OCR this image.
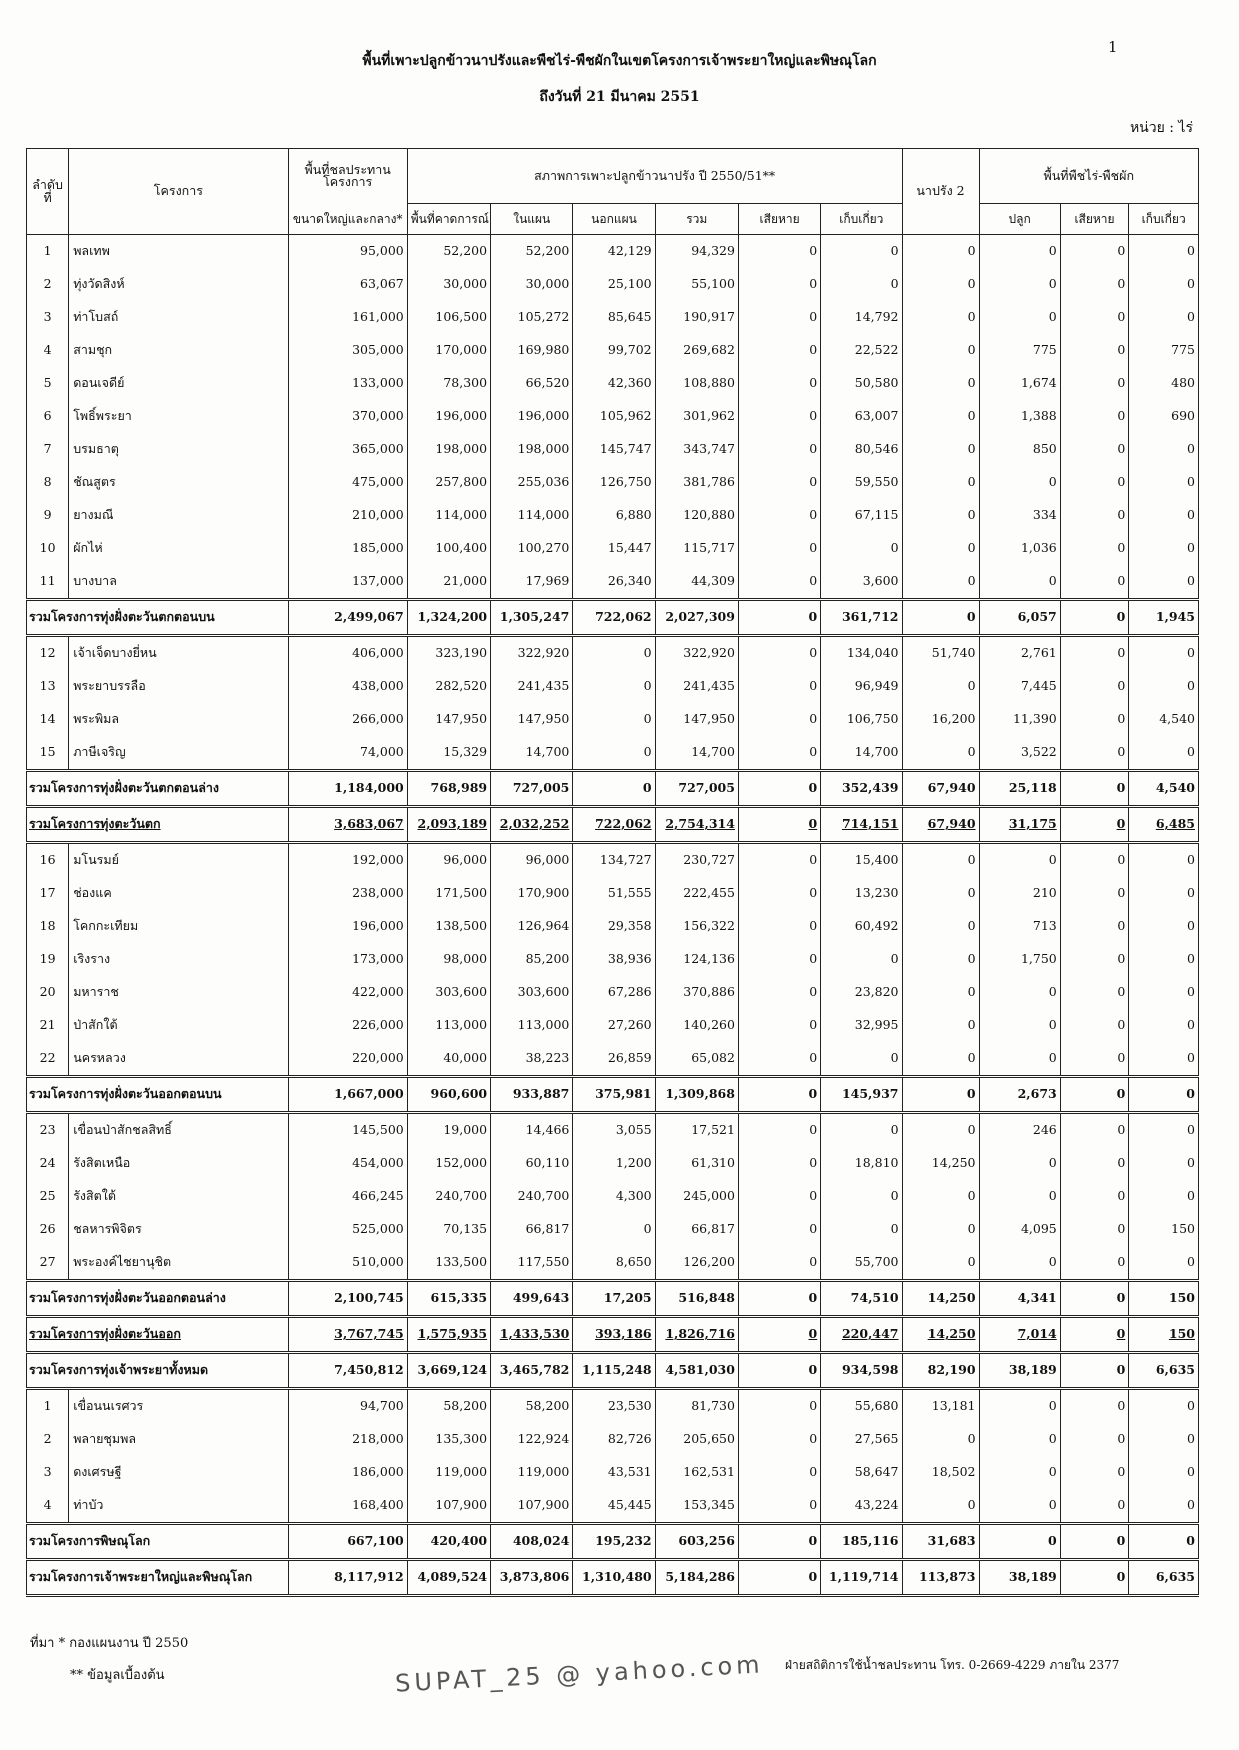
1
พื้นที่เพาะปลูกข้าวนาปรังและพืชไร่-พืชผักในเขตโครงการเจ้าพระยาใหญ่และพิษณุโลก
ถึงวันที่ 21 มีนาคม 2551
หน่วย : ไร่
ลำดับ
ที่	โครงการ	พื้นที่ชลประทาน
โครงการ	สภาพการเพาะปลูกข้าวนาปรัง ปี 2550/51**						นาปรัง 2	พื้นที่พืชไร่-พืชผัก		
		ขนาดใหญ่และกลาง*	พื้นที่คาดการณ์	ในแผน	นอกแผน	รวม	เสียหาย	เก็บเกี่ยว		ปลูก	เสียหาย	เก็บเกี่ยว
1	พลเทพ	95,000	52,200	52,200	42,129	94,329	0	0	0	0	0	0
2	ทุ่งวัดสิงห์	63,067	30,000	30,000	25,100	55,100	0	0	0	0	0	0
3	ท่าโบสถ์	161,000	106,500	105,272	85,645	190,917	0	14,792	0	0	0	0
4	สามชุก	305,000	170,000	169,980	99,702	269,682	0	22,522	0	775	0	775
5	ดอนเจดีย์	133,000	78,300	66,520	42,360	108,880	0	50,580	0	1,674	0	480
6	โพธิ์พระยา	370,000	196,000	196,000	105,962	301,962	0	63,007	0	1,388	0	690
7	บรมธาตุ	365,000	198,000	198,000	145,747	343,747	0	80,546	0	850	0	0
8	ชัณสูตร	475,000	257,800	255,036	126,750	381,786	0	59,550	0	0	0	0
9	ยางมณี	210,000	114,000	114,000	6,880	120,880	0	67,115	0	334	0	0
10	ผักไห่	185,000	100,400	100,270	15,447	115,717	0	0	0	1,036	0	0
11	บางบาล	137,000	21,000	17,969	26,340	44,309	0	3,600	0	0	0	0
รวมโครงการทุ่งฝั่งตะวันตกตอนบน		2,499,067	1,324,200	1,305,247	722,062	2,027,309	0	361,712	0	6,057	0	1,945
12	เจ้าเจ็ดบางยี่หน	406,000	323,190	322,920	0	322,920	0	134,040	51,740	2,761	0	0
13	พระยาบรรลือ	438,000	282,520	241,435	0	241,435	0	96,949	0	7,445	0	0
14	พระพิมล	266,000	147,950	147,950	0	147,950	0	106,750	16,200	11,390	0	4,540
15	ภาษีเจริญ	74,000	15,329	14,700	0	14,700	0	14,700	0	3,522	0	0
รวมโครงการทุ่งฝั่งตะวันตกตอนล่าง		1,184,000	768,989	727,005	0	727,005	0	352,439	67,940	25,118	0	4,540
รวมโครงการทุ่งตะวันตก		3,683,067	2,093,189	2,032,252	722,062	2,754,314	0	714,151	67,940	31,175	0	6,485
16	มโนรมย์	192,000	96,000	96,000	134,727	230,727	0	15,400	0	0	0	0
17	ช่องแค	238,000	171,500	170,900	51,555	222,455	0	13,230	0	210	0	0
18	โคกกะเทียม	196,000	138,500	126,964	29,358	156,322	0	60,492	0	713	0	0
19	เริงราง	173,000	98,000	85,200	38,936	124,136	0	0	0	1,750	0	0
20	มหาราช	422,000	303,600	303,600	67,286	370,886	0	23,820	0	0	0	0
21	ป่าสักใต้	226,000	113,000	113,000	27,260	140,260	0	32,995	0	0	0	0
22	นครหลวง	220,000	40,000	38,223	26,859	65,082	0	0	0	0	0	0
รวมโครงการทุ่งฝั่งตะวันออกตอนบน		1,667,000	960,600	933,887	375,981	1,309,868	0	145,937	0	2,673	0	0
23	เขื่อนป่าสักชลสิทธิ์	145,500	19,000	14,466	3,055	17,521	0	0	0	246	0	0
24	รังสิตเหนือ	454,000	152,000	60,110	1,200	61,310	0	18,810	14,250	0	0	0
25	รังสิตใต้	466,245	240,700	240,700	4,300	245,000	0	0	0	0	0	0
26	ชลหารพิจิตร	525,000	70,135	66,817	0	66,817	0	0	0	4,095	0	150
27	พระองค์ไชยานุชิต	510,000	133,500	117,550	8,650	126,200	0	55,700	0	0	0	0
รวมโครงการทุ่งฝั่งตะวันออกตอนล่าง		2,100,745	615,335	499,643	17,205	516,848	0	74,510	14,250	4,341	0	150
รวมโครงการทุ่งฝั่งตะวันออก		3,767,745	1,575,935	1,433,530	393,186	1,826,716	0	220,447	14,250	7,014	0	150
รวมโครงการทุ่งเจ้าพระยาทั้งหมด		7,450,812	3,669,124	3,465,782	1,115,248	4,581,030	0	934,598	82,190	38,189	0	6,635
1	เขื่อนนเรศวร	94,700	58,200	58,200	23,530	81,730	0	55,680	13,181	0	0	0
2	พลายชุมพล	218,000	135,300	122,924	82,726	205,650	0	27,565	0	0	0	0
3	ดงเศรษฐี	186,000	119,000	119,000	43,531	162,531	0	58,647	18,502	0	0	0
4	ท่าบัว	168,400	107,900	107,900	45,445	153,345	0	43,224	0	0	0	0
รวมโครงการพิษณุโลก		667,100	420,400	408,024	195,232	603,256	0	185,116	31,683	0	0	0
รวมโครงการเจ้าพระยาใหญ่และพิษณุโลก		8,117,912	4,089,524	3,873,806	1,310,480	5,184,286	0	1,119,714	113,873	38,189	0	6,635
ที่มา * กองแผนงาน ปี 2550
** ข้อมูลเบื้องต้น
ฝ่ายสถิติการใช้น้ำชลประทาน โทร. 0-2669-4229 ภายใน 2377
SUPAT_25 @ yahoo.com
